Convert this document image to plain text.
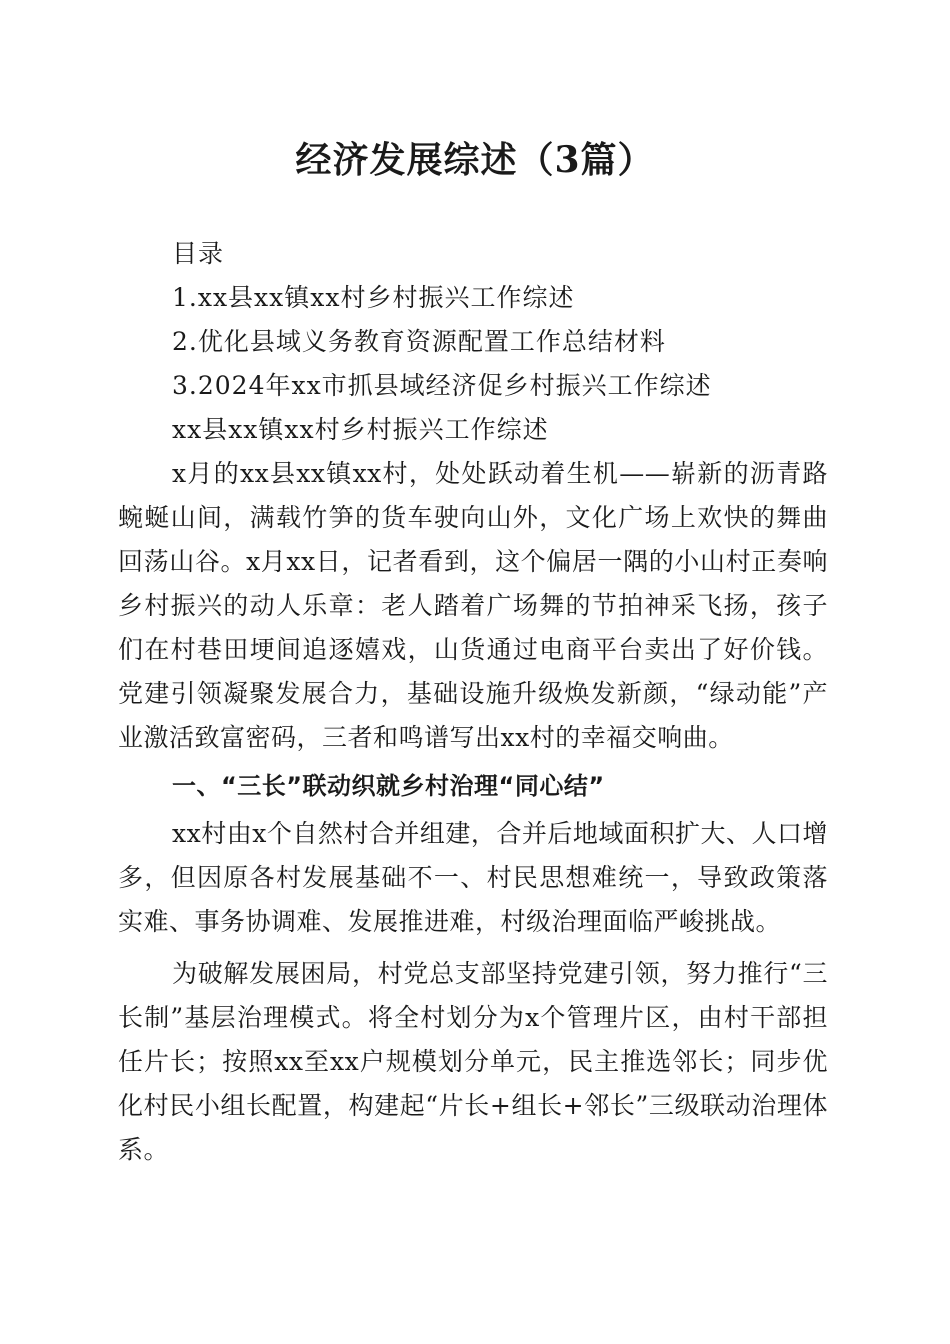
经济发展综述（3篇）
目录
1.xx县xx镇xx村乡村振兴工作综述
2.优化县域义务教育资源配置工作总结材料
3.2024年xx市抓县域经济促乡村振兴工作综述
xx县xx镇xx村乡村振兴工作综述

x月的xx县xx镇xx村，处处跃动着生机——崭新的沥青路蜿蜒山间，满载竹笋的货车驶向山外，文化广场上欢快的舞曲回荡山谷。x月xx日，记者看到，这个偏居一隅的小山村正奏响乡村振兴的动人乐章：老人踏着广场舞的节拍神采飞扬，孩子们在村巷田埂间追逐嬉戏，山货通过电商平台卖出了好价钱。党建引领凝聚发展合力，基础设施升级焕发新颜，“绿动能”产业激活致富密码，三者和鸣谱写出xx村的幸福交响曲。

一、“三长”联动织就乡村治理“同心结”

xx村由x个自然村合并组建，合并后地域面积扩大、人口增多，但因原各村发展基础不一、村民思想难统一，导致政策落实难、事务协调难、发展推进难，村级治理面临严峻挑战。

为破解发展困局，村党总支部坚持党建引领，努力推行“三长制”基层治理模式。将全村划分为x个管理片区，由村干部担任片长；按照xx至xx户规模划分单元，民主推选邻长；同步优化村民小组长配置，构建起“片长+组长+邻长”三级联动治理体系。
